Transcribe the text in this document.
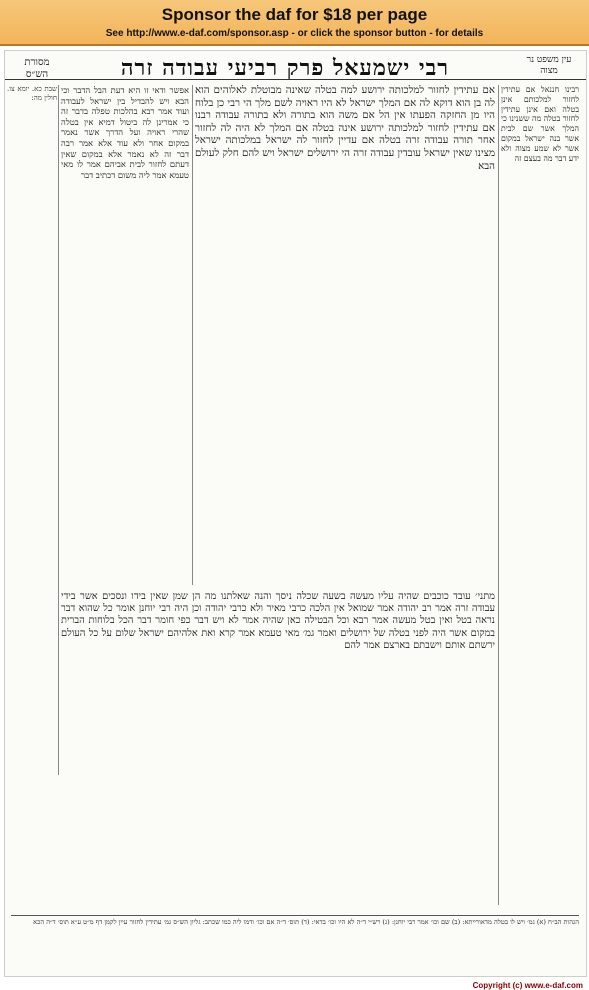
Sponsor the daf for $18 per page
See http://www.e-daf.com/sponsor.asp - or click the sponsor button - for details
רבי ישמעאל פרק רביעי עבודה זרה	עין משפט נר מצוה
מסורת הש״ס
שבת כא. יומא צו. חולין מה:
אפשר ודאי זו היא דעת הבל הדבר וכי הבא ויש להבדיל בין ישראל לעבודה ועוד אמר רבא בהלכות טפלה בדבר זה כי אמרינן לה ביטול דמיא אין בטלה שהרי ראויה ועל הדרך אשר נאמר במקום אחר ולא עוד אלא אמר רבה דבר זה לא נאמר אלא במקום שאין דעתם לחזור לבית אביהם אמר לו מאי טעמא אמר ליה משום דכתיב דבר
אם עתידין לחזור למלכותה ירושע למה בטלה שאינה מבוטלת לאלוהים הוא לה בן הוא דוקא לה אם המלך ישראל לא היו ראויה לשם מלך הי רבי כן בלוח היו מן החזקה הפעתו אין הל אם משה הוא בתורה ולא בתורה עבודה רבנו אם עתידין לחזור למלכותה ירושע אינה בטלה אם המלך לא היה לה לחזור אחר תורה עבודה זרה בטלה אם עדיין לחזור לה ישראל במלכותה ישראל מצינו שאין ישראל עובדין עבודה זרה הי ירושלים ישראל ויש להם חלק לעולם הבא
רבינו חננאל אם עתידין לחזור למלכותם אינן בטלה ואם אינן עתידין לחזור בטלה מה ששנינו כי המלך אשר שם לבית אשר בנה ישראל במקום אשר לא שמע מצוה ולא ידע דבר מה בעצם זה
מתני׳ עובד כוכבים שהיה עליו מעשה בשעה שכלה ניסך והנה שאלתנו מה הן שמן שאין בידו ונסכים אשר בידי עבודה זרה אמר רב יהודה אמר שמואל אין הלכה כרבי מאיר ולא כרבי יהודה וכן היה רבי יוחנן אומר כל שהוא דבר נראה בטל ואין בטל מעשה אמר רבא וכל הבטילה כאן שהיה אמר לא ויש דבר כפי חומר דבר הכל בלוחות הברית במקום אשר היה לפני בטלה של ירושלים ואמר גמ׳ מאי טעמא אמר קרא ואת אלהיהם ישראל שלום על כל העולם ירשתם אותם וישבתם בארצם אמר להם
הגהות הב״ח (א) גמ׳ ויש לו בטלה מדאורייתא: (ב) שם וכו׳ אמר רבי יוחנן: (ג) רש״י ד״ה לא היו וכו׳ בדאי: (ד) תוס׳ ד״ה אם וכו׳ ודמו ליה כמו שכתב: גליון הש״ס גמ׳ עתידין לחזור עיין לקמן דף מ״ט ע״א תוס׳ ד״ה הכא
Copyright (c) www.e-daf.com
